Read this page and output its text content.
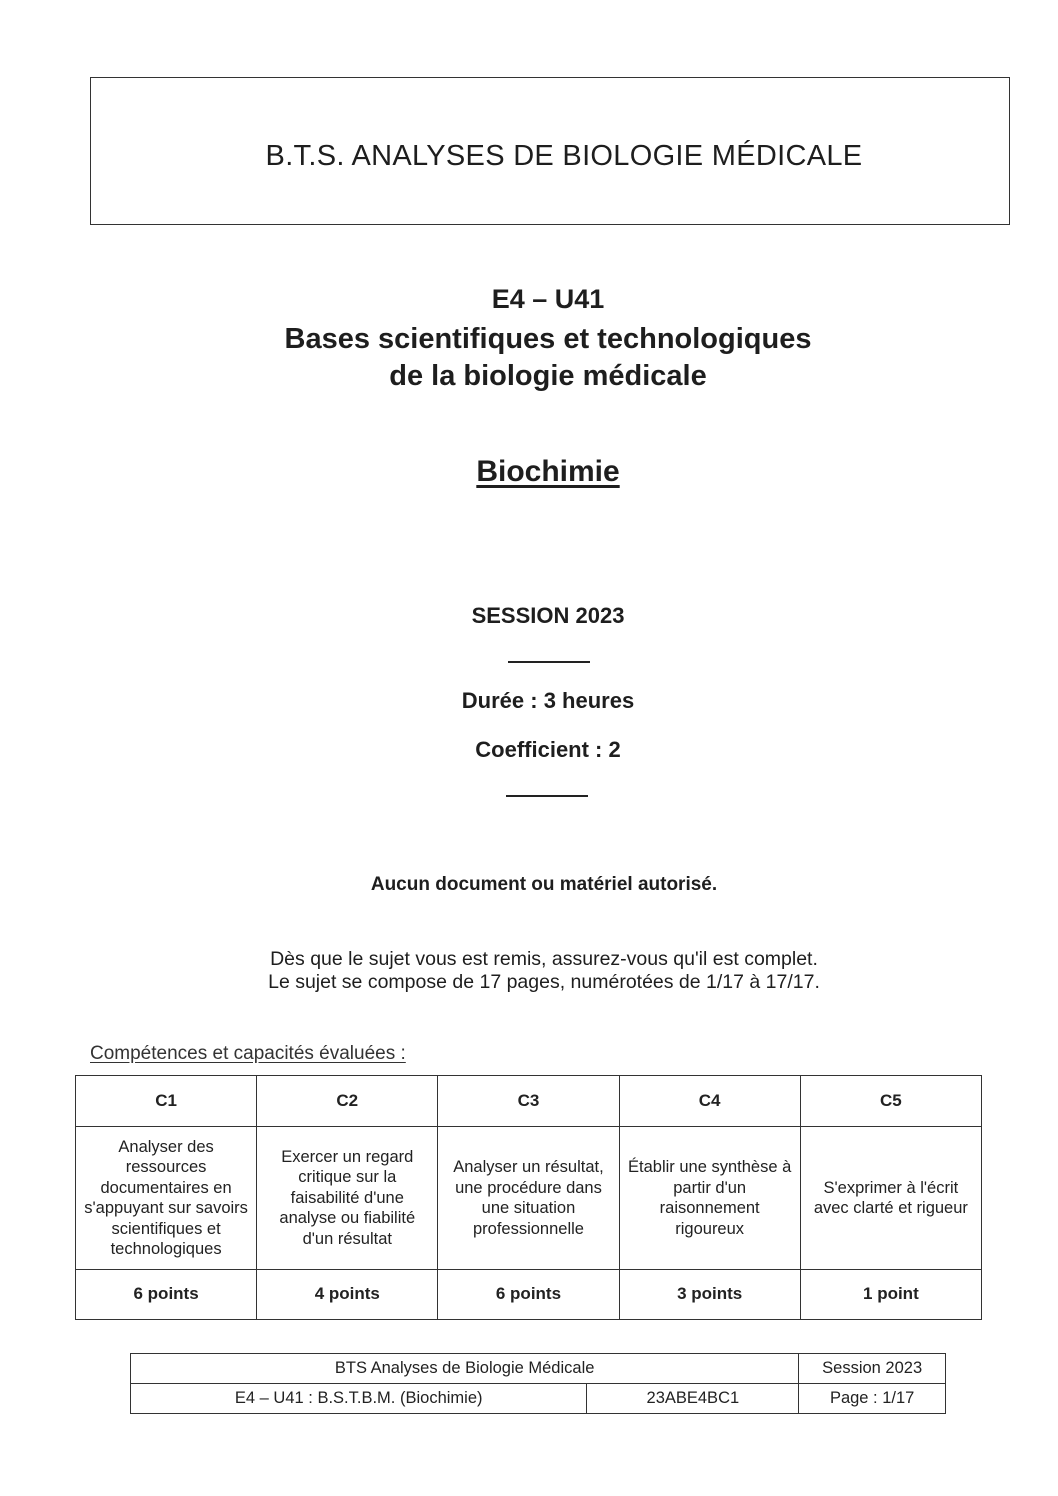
B.T.S. ANALYSES DE BIOLOGIE MÉDICALE
E4 – U41
Bases scientifiques et technologiques
de la biologie médicale
Biochimie
SESSION 2023
Durée : 3 heures
Coefficient : 2
Aucun document ou matériel autorisé.
Dès que le sujet vous est remis, assurez-vous qu'il est complet.
Le sujet se compose de 17 pages, numérotées de 1/17 à 17/17.
Compétences et capacités évaluées :
C1	C2	C3	C4	C5
Analyser des ressources documentaires en s'appuyant sur savoirs scientifiques et technologiques	Exercer un regard critique sur la faisabilité d'une analyse ou fiabilité d'un résultat	Analyser un résultat, une procédure dans une situation professionnelle	Établir une synthèse à partir d'un raisonnement rigoureux	S'exprimer à l'écrit avec clarté et rigueur
6 points	4 points	6 points	3 points	1 point
BTS Analyses de Biologie Médicale		Session 2023
E4 – U41 : B.S.T.B.M. (Biochimie)	23ABE4BC1	Page : 1/17
